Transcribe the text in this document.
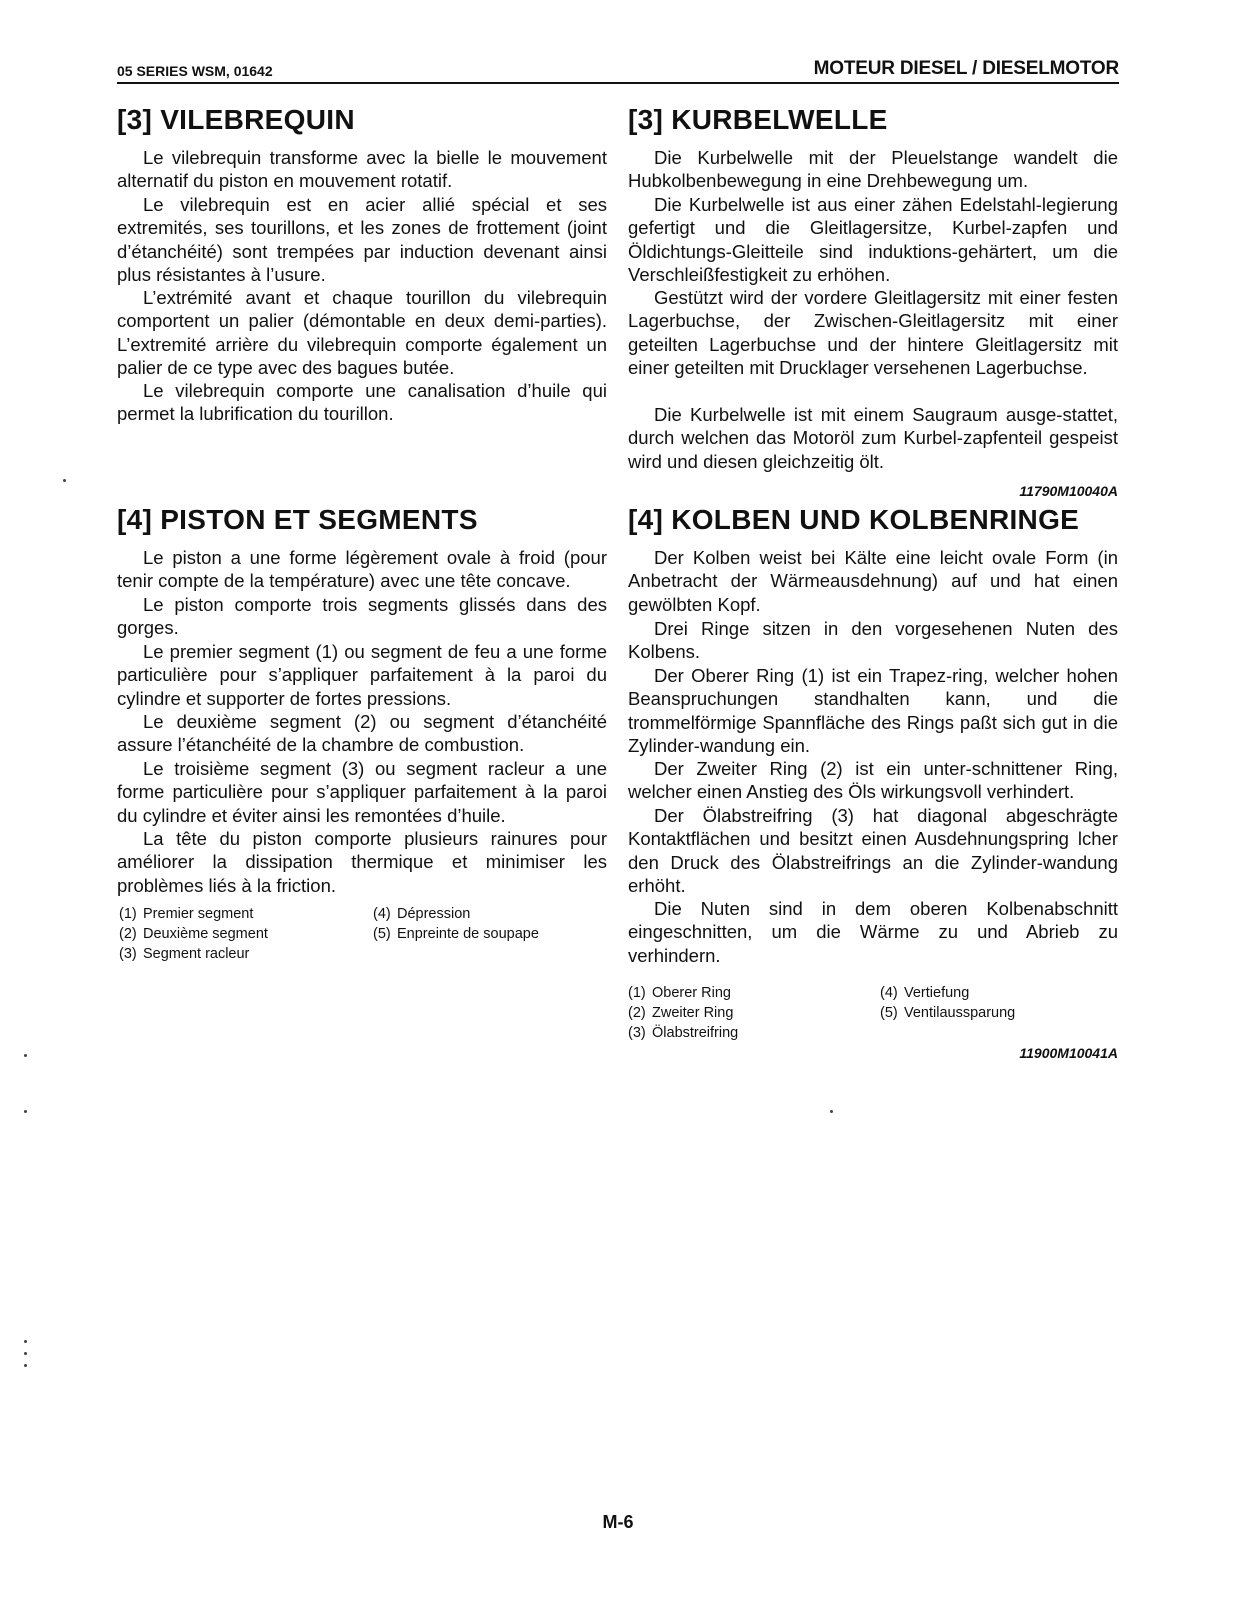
05 SERIES WSM, 01642	MOTEUR DIESEL / DIESELMOTOR
[3] VILEBREQUIN

Le vilebrequin transforme avec la bielle le mouvement alternatif du piston en mouvement rotatif.

Le vilebrequin est en acier allié spécial et ses extremités, ses tourillons, et les zones de frottement (joint d’étanchéité) sont trempées par induction devenant ainsi plus résistantes à l’usure.

L’extrémité avant et chaque tourillon du vilebrequin comportent un palier (démontable en deux demi-parties). L’extremité arrière du vilebrequin comporte également un palier de ce type avec des bagues butée.

Le vilebrequin comporte une canalisation d’huile qui permet la lubrification du tourillon.

[4] PISTON ET SEGMENTS

Le piston a une forme légèrement ovale à froid (pour tenir compte de la température) avec une tête concave.

Le piston comporte trois segments glissés dans des gorges.

Le premier segment (1) ou segment de feu a une forme particulière pour s’appliquer parfaitement à la paroi du cylindre et supporter de fortes pressions.

Le deuxième segment (2) ou segment d’étanchéité assure l’étanchéité de la chambre de combustion.

Le troisième segment (3) ou segment racleur a une forme particulière pour s’appliquer parfaitement à la paroi du cylindre et éviter ainsi les remontées d’huile.

La tête du piston comporte plusieurs rainures pour améliorer la dissipation thermique et minimiser les problèmes liés à la friction.

(1) Premier segment
(2) Deuxième segment
(3) Segment racleur
(4) Dépression
(5) Enpreinte de soupape
[3] KURBELWELLE

Die Kurbelwelle mit der Pleuelstange wandelt die Hubkolbenbewegung in eine Drehbewegung um.

Die Kurbelwelle ist aus einer zähen Edelstahl-legierung gefertigt und die Gleitlagersitze, Kurbel-zapfen und Öldichtungs-Gleitteile sind induktions-gehärtert, um die Verschleißfestigkeit zu erhöhen.

Gestützt wird der vordere Gleitlagersitz mit einer festen Lagerbuchse, der Zwischen-Gleitlagersitz mit einer geteilten Lagerbuchse und der hintere Gleitlagersitz mit einer geteilten mit Drucklager versehenen Lagerbuchse.

Die Kurbelwelle ist mit einem Saugraum ausge-stattet, durch welchen das Motoröl zum Kurbel-zapfenteil gespeist wird und diesen gleichzeitig ölt.

11790M10040A
[4] KOLBEN UND KOLBENRINGE

Der Kolben weist bei Kälte eine leicht ovale Form (in Anbetracht der Wärmeausdehnung) auf und hat einen gewölbten Kopf.

Drei Ringe sitzen in den vorgesehenen Nuten des Kolbens.

Der Oberer Ring (1) ist ein Trapez-ring, welcher hohen Beanspruchungen standhalten kann, und die trommelförmige Spannfläche des Rings paßt sich gut in die Zylinder-wandung ein.

Der Zweiter Ring (2) ist ein unter-schnittener Ring, welcher einen Anstieg des Öls wirkungsvoll verhindert.

Der Ölabstreifring (3) hat diagonal abgeschrägte Kontaktflächen und besitzt einen Ausdehnungspring lcher den Druck des Ölabstreifrings an die Zylinder-wandung erhöht.

Die Nuten sind in dem oberen Kolbenabschnitt eingeschnitten, um die Wärme zu und Abrieb zu verhindern.

(1) Oberer Ring
(2) Zweiter Ring
(3) Ölabstreifring
(4) Vertiefung
(5) Ventilaussparung
11900M10041A
M-6
